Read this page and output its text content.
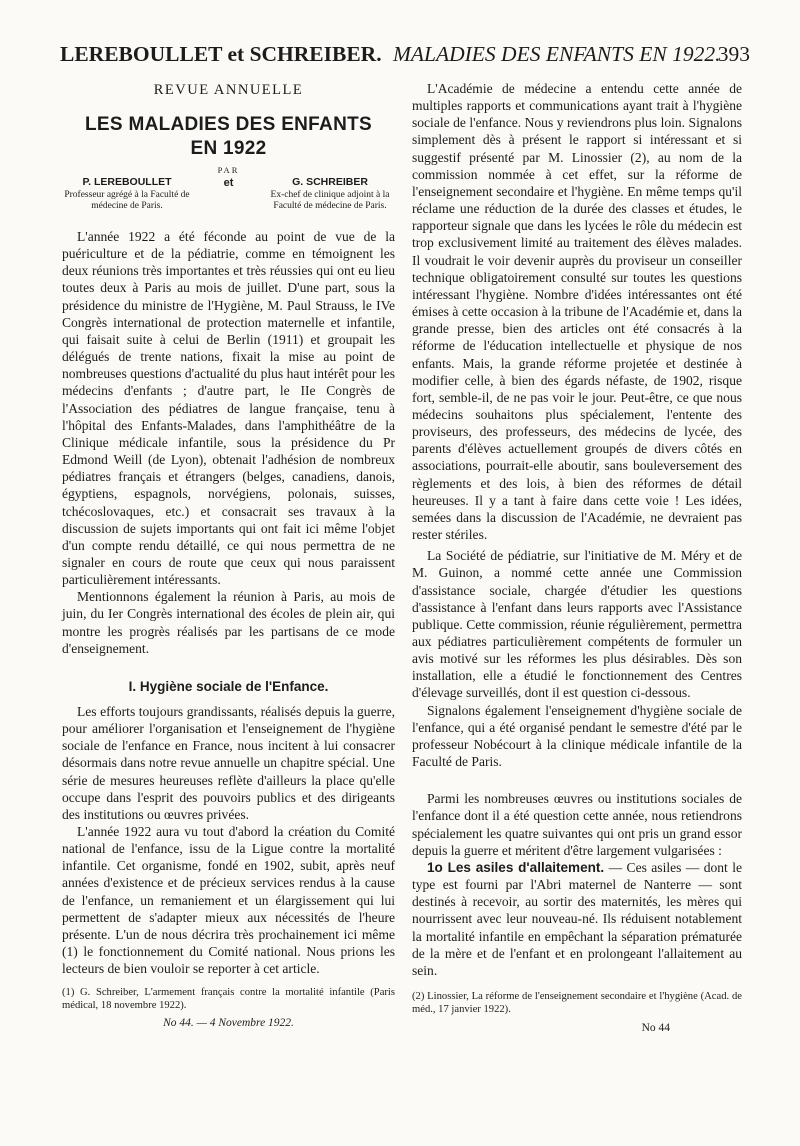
LEREBOULLET et SCHREIBER. MALADIES DES ENFANTS EN 1922.
393
REVUE ANNUELLE
LES MALADIES DES ENFANTS
EN 1922
PAR
P. LEREBOULLET
Professeur agrégé à la Faculté de médecine de Paris.
et	G. SCHREIBER
Ex-chef de clinique adjoint à la Faculté de médecine de Paris.

L'année 1922 a été féconde au point de vue de la puériculture et de la pédiatrie, comme en témoignent les deux réunions très importantes et très réussies qui ont eu lieu toutes deux à Paris au mois de juillet. D'une part, sous la présidence du ministre de l'Hygiène, M. Paul Strauss, le IVe Congrès international de protection maternelle et infantile, qui faisait suite à celui de Berlin (1911) et groupait les délégués de trente nations, fixait la mise au point de nombreuses questions d'actualité du plus haut intérêt pour les médecins d'enfants ; d'autre part, le IIe Congrès de l'Association des pédiatres de langue française, tenu à l'hôpital des Enfants-Malades, dans l'amphithéâtre de la Clinique médicale infantile, sous la présidence du Pr Edmond Weill (de Lyon), obtenait l'adhésion de nombreux pédiatres français et étrangers (belges, canadiens, danois, égyptiens, espagnols, norvégiens, polonais, suisses, tchécoslovaques, etc.) et consacrait ses travaux à la discussion de sujets importants qui ont fait ici même l'objet d'un compte rendu détaillé, ce qui nous permettra de ne signaler en cours de route que ceux qui nous paraissent particulièrement intéressants.

Mentionnons également la réunion à Paris, au mois de juin, du Ier Congrès international des écoles de plein air, qui montre les progrès réalisés par les partisans de ce mode d'enseignement.

I. Hygiène sociale de l'Enfance.

Les efforts toujours grandissants, réalisés depuis la guerre, pour améliorer l'organisation et l'enseignement de l'hygiène sociale de l'enfance en France, nous incitent à lui consacrer désormais dans notre revue annuelle un chapitre spécial. Une série de mesures heureuses reflète d'ailleurs la place qu'elle occupe dans l'esprit des pouvoirs publics et des dirigeants des institutions ou œuvres privées.

L'année 1922 aura vu tout d'abord la création du Comité national de l'enfance, issu de la Ligue contre la mortalité infantile. Cet organisme, fondé en 1902, subit, après neuf années d'existence et de précieux services rendus à la cause de l'enfance, un remaniement et un élargissement qui lui permettent de s'adapter mieux aux nécessités de l'heure présente. L'un de nous décrira très prochainement ici même (1) le fonctionnement du Comité national. Nous prions les lecteurs de bien vouloir se reporter à cet article.

(1) G. Schreiber, L'armement français contre la mortalité infantile (Paris médical, 18 novembre 1922).

No 44. — 4 Novembre 1922.

L'Académie de médecine a entendu cette année de multiples rapports et communications ayant trait à l'hygiène sociale de l'enfance. Nous y reviendrons plus loin. Signalons simplement dès à présent le rapport si intéressant et si suggestif présenté par M. Linossier (2), au nom de la commission nommée à cet effet, sur la réforme de l'enseignement secondaire et l'hygiène. En même temps qu'il réclame une réduction de la durée des classes et études, le rapporteur signale que dans les lycées le rôle du médecin est trop exclusivement limité au traitement des élèves malades. Il voudrait le voir devenir auprès du proviseur un conseiller technique obligatoirement consulté sur toutes les questions intéressant l'hygiène. Nombre d'idées intéressantes ont été émises à cette occasion à la tribune de l'Académie et, dans la grande presse, bien des articles ont été consacrés à la réforme de l'éducation intellectuelle et physique de nos enfants. Mais, la grande réforme projetée et destinée à modifier celle, à bien des égards néfaste, de 1902, risque fort, semble-il, de ne pas voir le jour. Peut-être, ce que nous médecins souhaitons plus spécialement, l'entente des proviseurs, des professeurs, des médecins de lycée, des parents d'élèves actuellement groupés de divers côtés en associations, pourrait-elle aboutir, sans bouleversement des règlements et des lois, à bien des réformes de détail heureuses. Il y a tant à faire dans cette voie ! Les idées, semées dans la discussion de l'Académie, ne devraient pas rester stériles.

La Société de pédiatrie, sur l'initiative de M. Méry et de M. Guinon, a nommé cette année une Commission d'assistance sociale, chargée d'étudier les questions d'assistance à l'enfant dans leurs rapports avec l'Assistance publique. Cette commission, réunie régulièrement, permettra aux pédiatres particulièrement compétents de formuler un avis motivé sur les réformes les plus désirables. Dès son installation, elle a étudié le fonctionnement des Centres d'élevage surveillés, dont il est question ci-dessous.

Signalons également l'enseignement d'hygiène sociale de l'enfance, qui a été organisé pendant le semestre d'été par le professeur Nobécourt à la clinique médicale infantile de la Faculté de Paris.

Parmi les nombreuses œuvres ou institutions sociales de l'enfance dont il a été question cette année, nous retiendrons spécialement les quatre suivantes qui ont pris un grand essor depuis la guerre et méritent d'être largement vulgarisées :

1o Les asiles d'allaitement. — Ces asiles — dont le type est fourni par l'Abri maternel de Nanterre — sont destinés à recevoir, au sortir des maternités, les mères qui nourrissent avec leur nouveau-né. Ils réduisent notablement la mortalité infantile en empêchant la séparation prématurée de la mère et de l'enfant et en prolongeant l'allaitement au sein.

(2) Linossier, La réforme de l'enseignement secondaire et l'hygiène (Acad. de méd., 17 janvier 1922).

No 44
